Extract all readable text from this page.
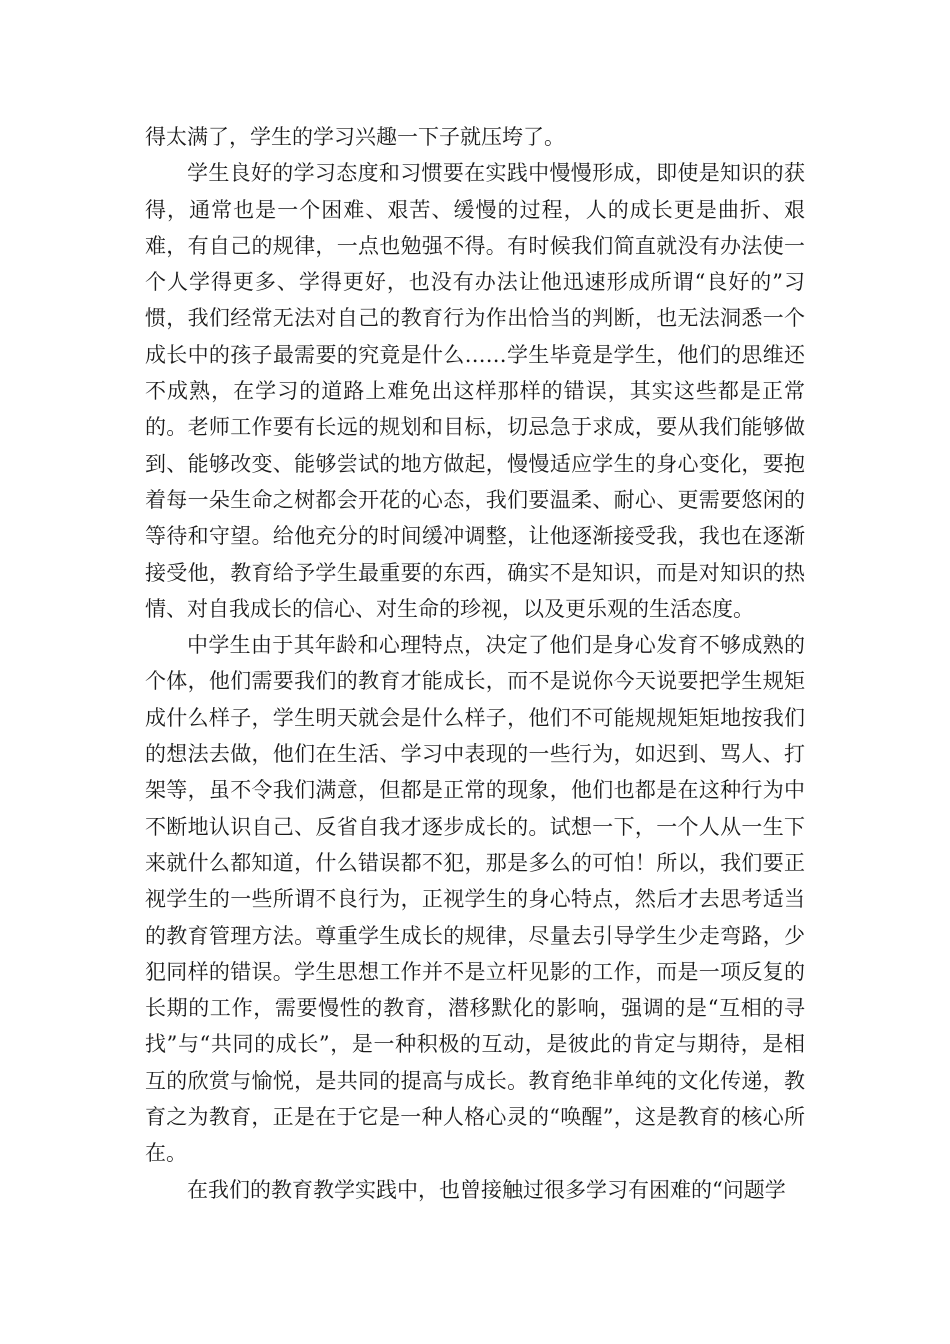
得太满了，学生的学习兴趣一下子就压垮了。

学生良好的学习态度和习惯要在实践中慢慢形成，即使是知识的获得，通常也是一个困难、艰苦、缓慢的过程，人的成长更是曲折、艰难，有自己的规律，一点也勉强不得。有时候我们简直就没有办法使一个人学得更多、学得更好，也没有办法让他迅速形成所谓“良好的”习惯，我们经常无法对自己的教育行为作出恰当的判断，也无法洞悉一个成长中的孩子最需要的究竟是什么……学生毕竟是学生，他们的思维还不成熟，在学习的道路上难免出这样那样的错误，其实这些都是正常的。老师工作要有长远的规划和目标，切忌急于求成，要从我们能够做到、能够改变、能够尝试的地方做起，慢慢适应学生的身心变化，要抱着每一朵生命之树都会开花的心态，我们要温柔、耐心、更需要悠闲的等待和守望。给他充分的时间缓冲调整，让他逐渐接受我，我也在逐渐接受他，教育给予学生最重要的东西，确实不是知识，而是对知识的热情、对自我成长的信心、对生命的珍视，以及更乐观的生活态度。

中学生由于其年龄和心理特点，决定了他们是身心发育不够成熟的个体，他们需要我们的教育才能成长，而不是说你今天说要把学生规矩成什么样子，学生明天就会是什么样子，他们不可能规规矩矩地按我们的想法去做，他们在生活、学习中表现的一些行为，如迟到、骂人、打架等，虽不令我们满意，但都是正常的现象，他们也都是在这种行为中不断地认识自己、反省自我才逐步成长的。试想一下，一个人从一生下来就什么都知道，什么错误都不犯，那是多么的可怕！所以，我们要正视学生的一些所谓不良行为，正视学生的身心特点，然后才去思考适当的教育管理方法。尊重学生成长的规律，尽量去引导学生少走弯路，少犯同样的错误。学生思想工作并不是立杆见影的工作，而是一项反复的长期的工作，需要慢性的教育，潜移默化的影响，强调的是“互相的寻找”与“共同的成长”，是一种积极的互动，是彼此的肯定与期待，是相互的欣赏与愉悦，是共同的提高与成长。教育绝非单纯的文化传递，教育之为教育，正是在于它是一种人格心灵的“唤醒”，这是教育的核心所在。

在我们的教育教学实践中，也曾接触过很多学习有困难的“问题学
